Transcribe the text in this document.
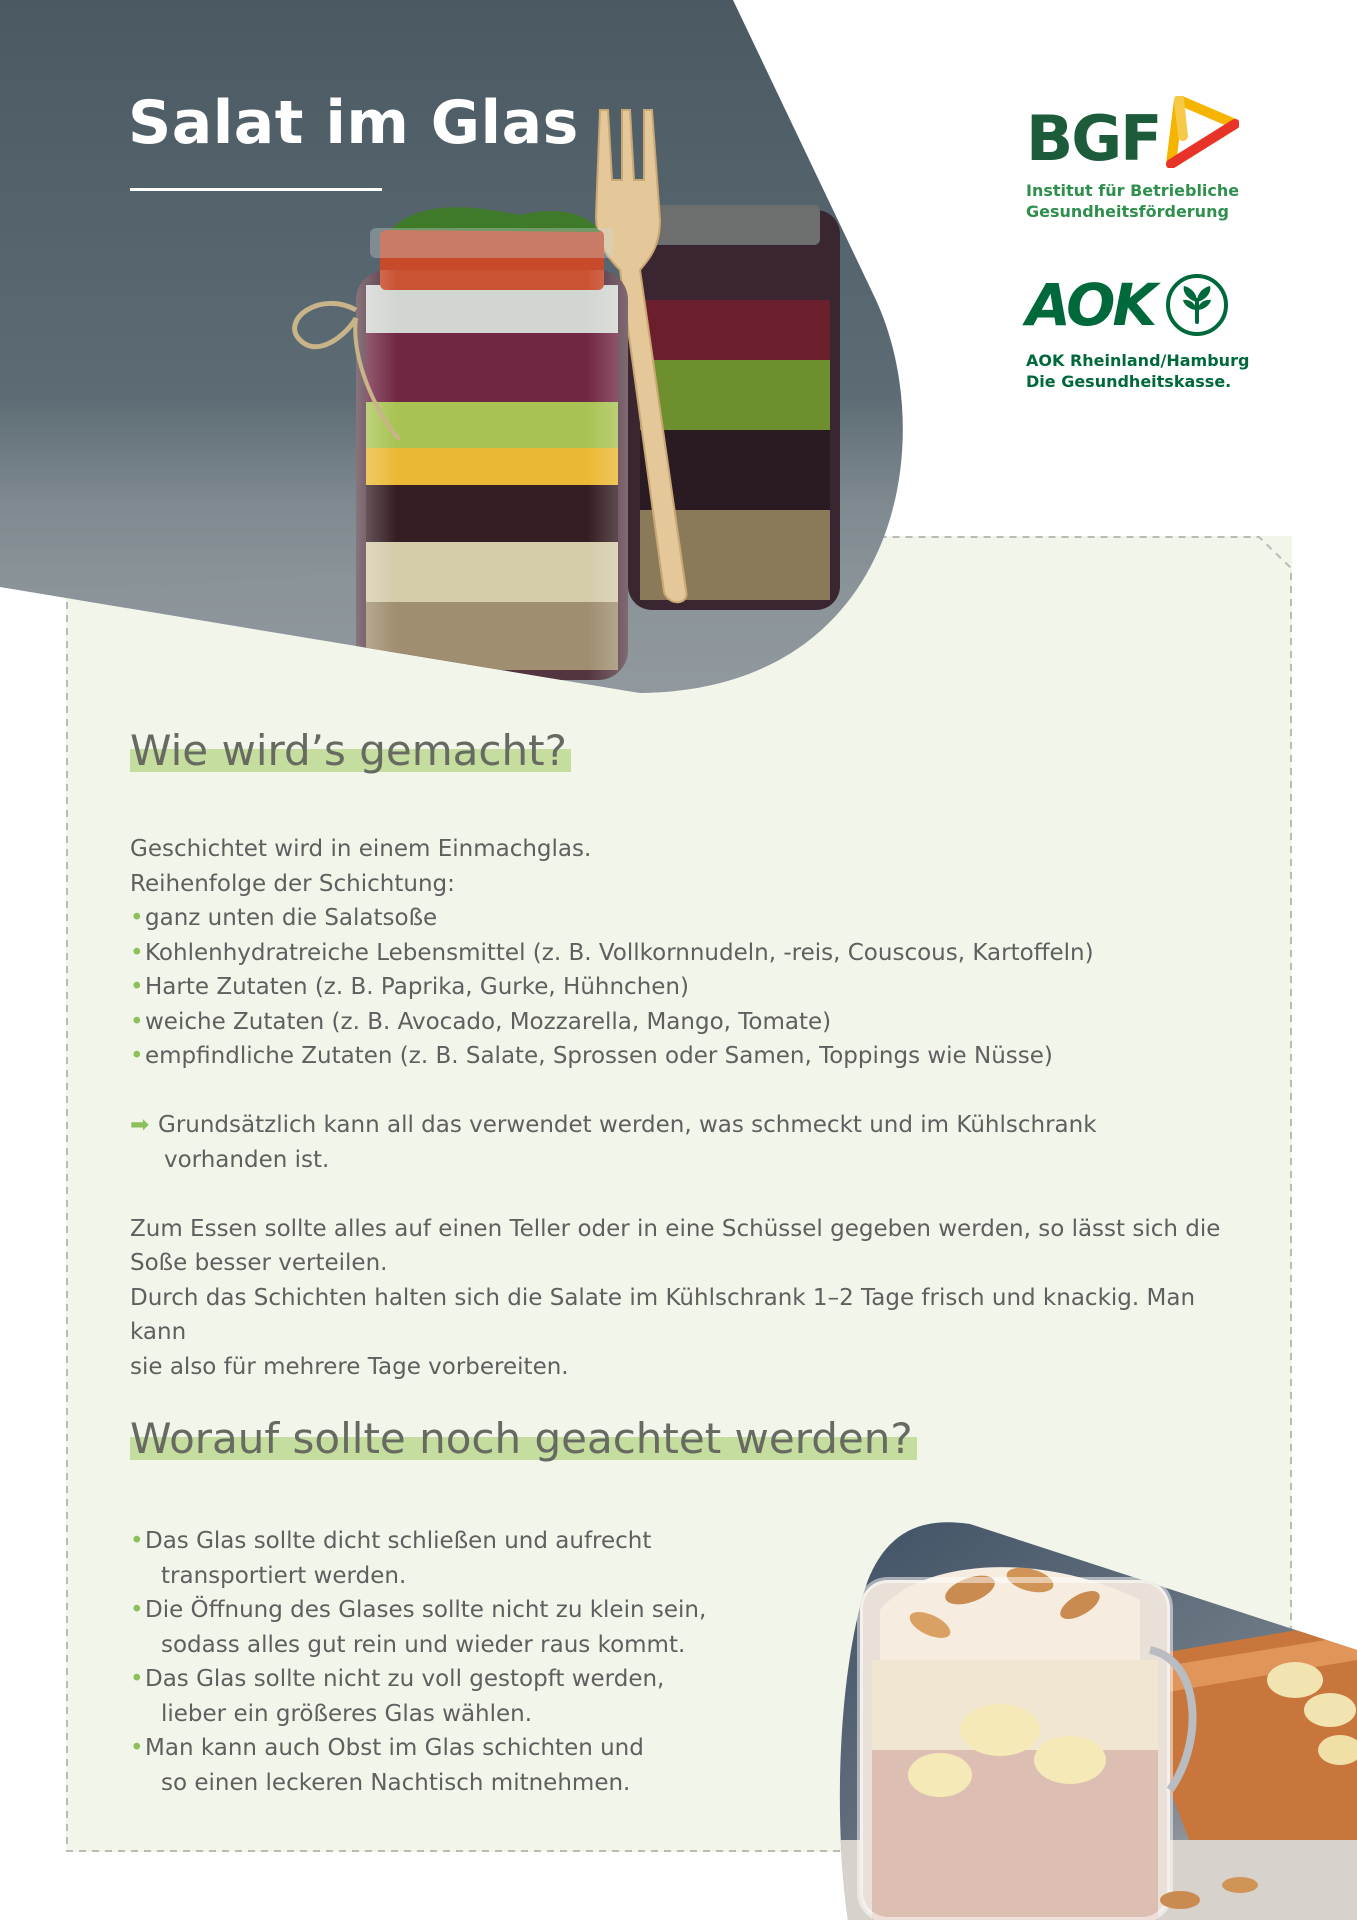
Salat im Glas	BGF
Institut für Betriebliche
Gesundheitsförderung
AOK
AOK Rheinland/Hamburg
Die Gesundheitskasse.
Wie wird’s gemacht?

Geschichtet wird in einem Einmachglas.

Reihenfolge der Schichtung:

• ganz unten die Salatsoße

• Kohlenhydratreiche Lebensmittel (z. B. Vollkornnudeln, -reis, Couscous, Kartoffeln)

• Harte Zutaten (z. B. Paprika, Gurke, Hühnchen)

• weiche Zutaten (z. B. Avocado, Mozzarella, Mango, Tomate)

• empfindliche Zutaten (z. B. Salate, Sprossen oder Samen, Toppings wie Nüsse)

➡ Grundsätzlich kann all das verwendet werden, was schmeckt und im Kühlschrank
vorhanden ist.

Zum Essen sollte alles auf einen Teller oder in eine Schüssel gegeben werden, so lässt sich die

Soße besser verteilen.

Durch das Schichten halten sich die Salate im Kühlschrank 1–2 Tage frisch und knackig. Man kann

sie also für mehrere Tage vorbereiten.

Worauf sollte noch geachtet werden?

• Das Glas sollte dicht schließen und aufrecht
transportiert werden.

• Die Öffnung des Glases sollte nicht zu klein sein,
sodass alles gut rein und wieder raus kommt.

• Das Glas sollte nicht zu voll gestopft werden,
lieber ein größeres Glas wählen.

• Man kann auch Obst im Glas schichten und
so einen leckeren Nachtisch mitnehmen.
